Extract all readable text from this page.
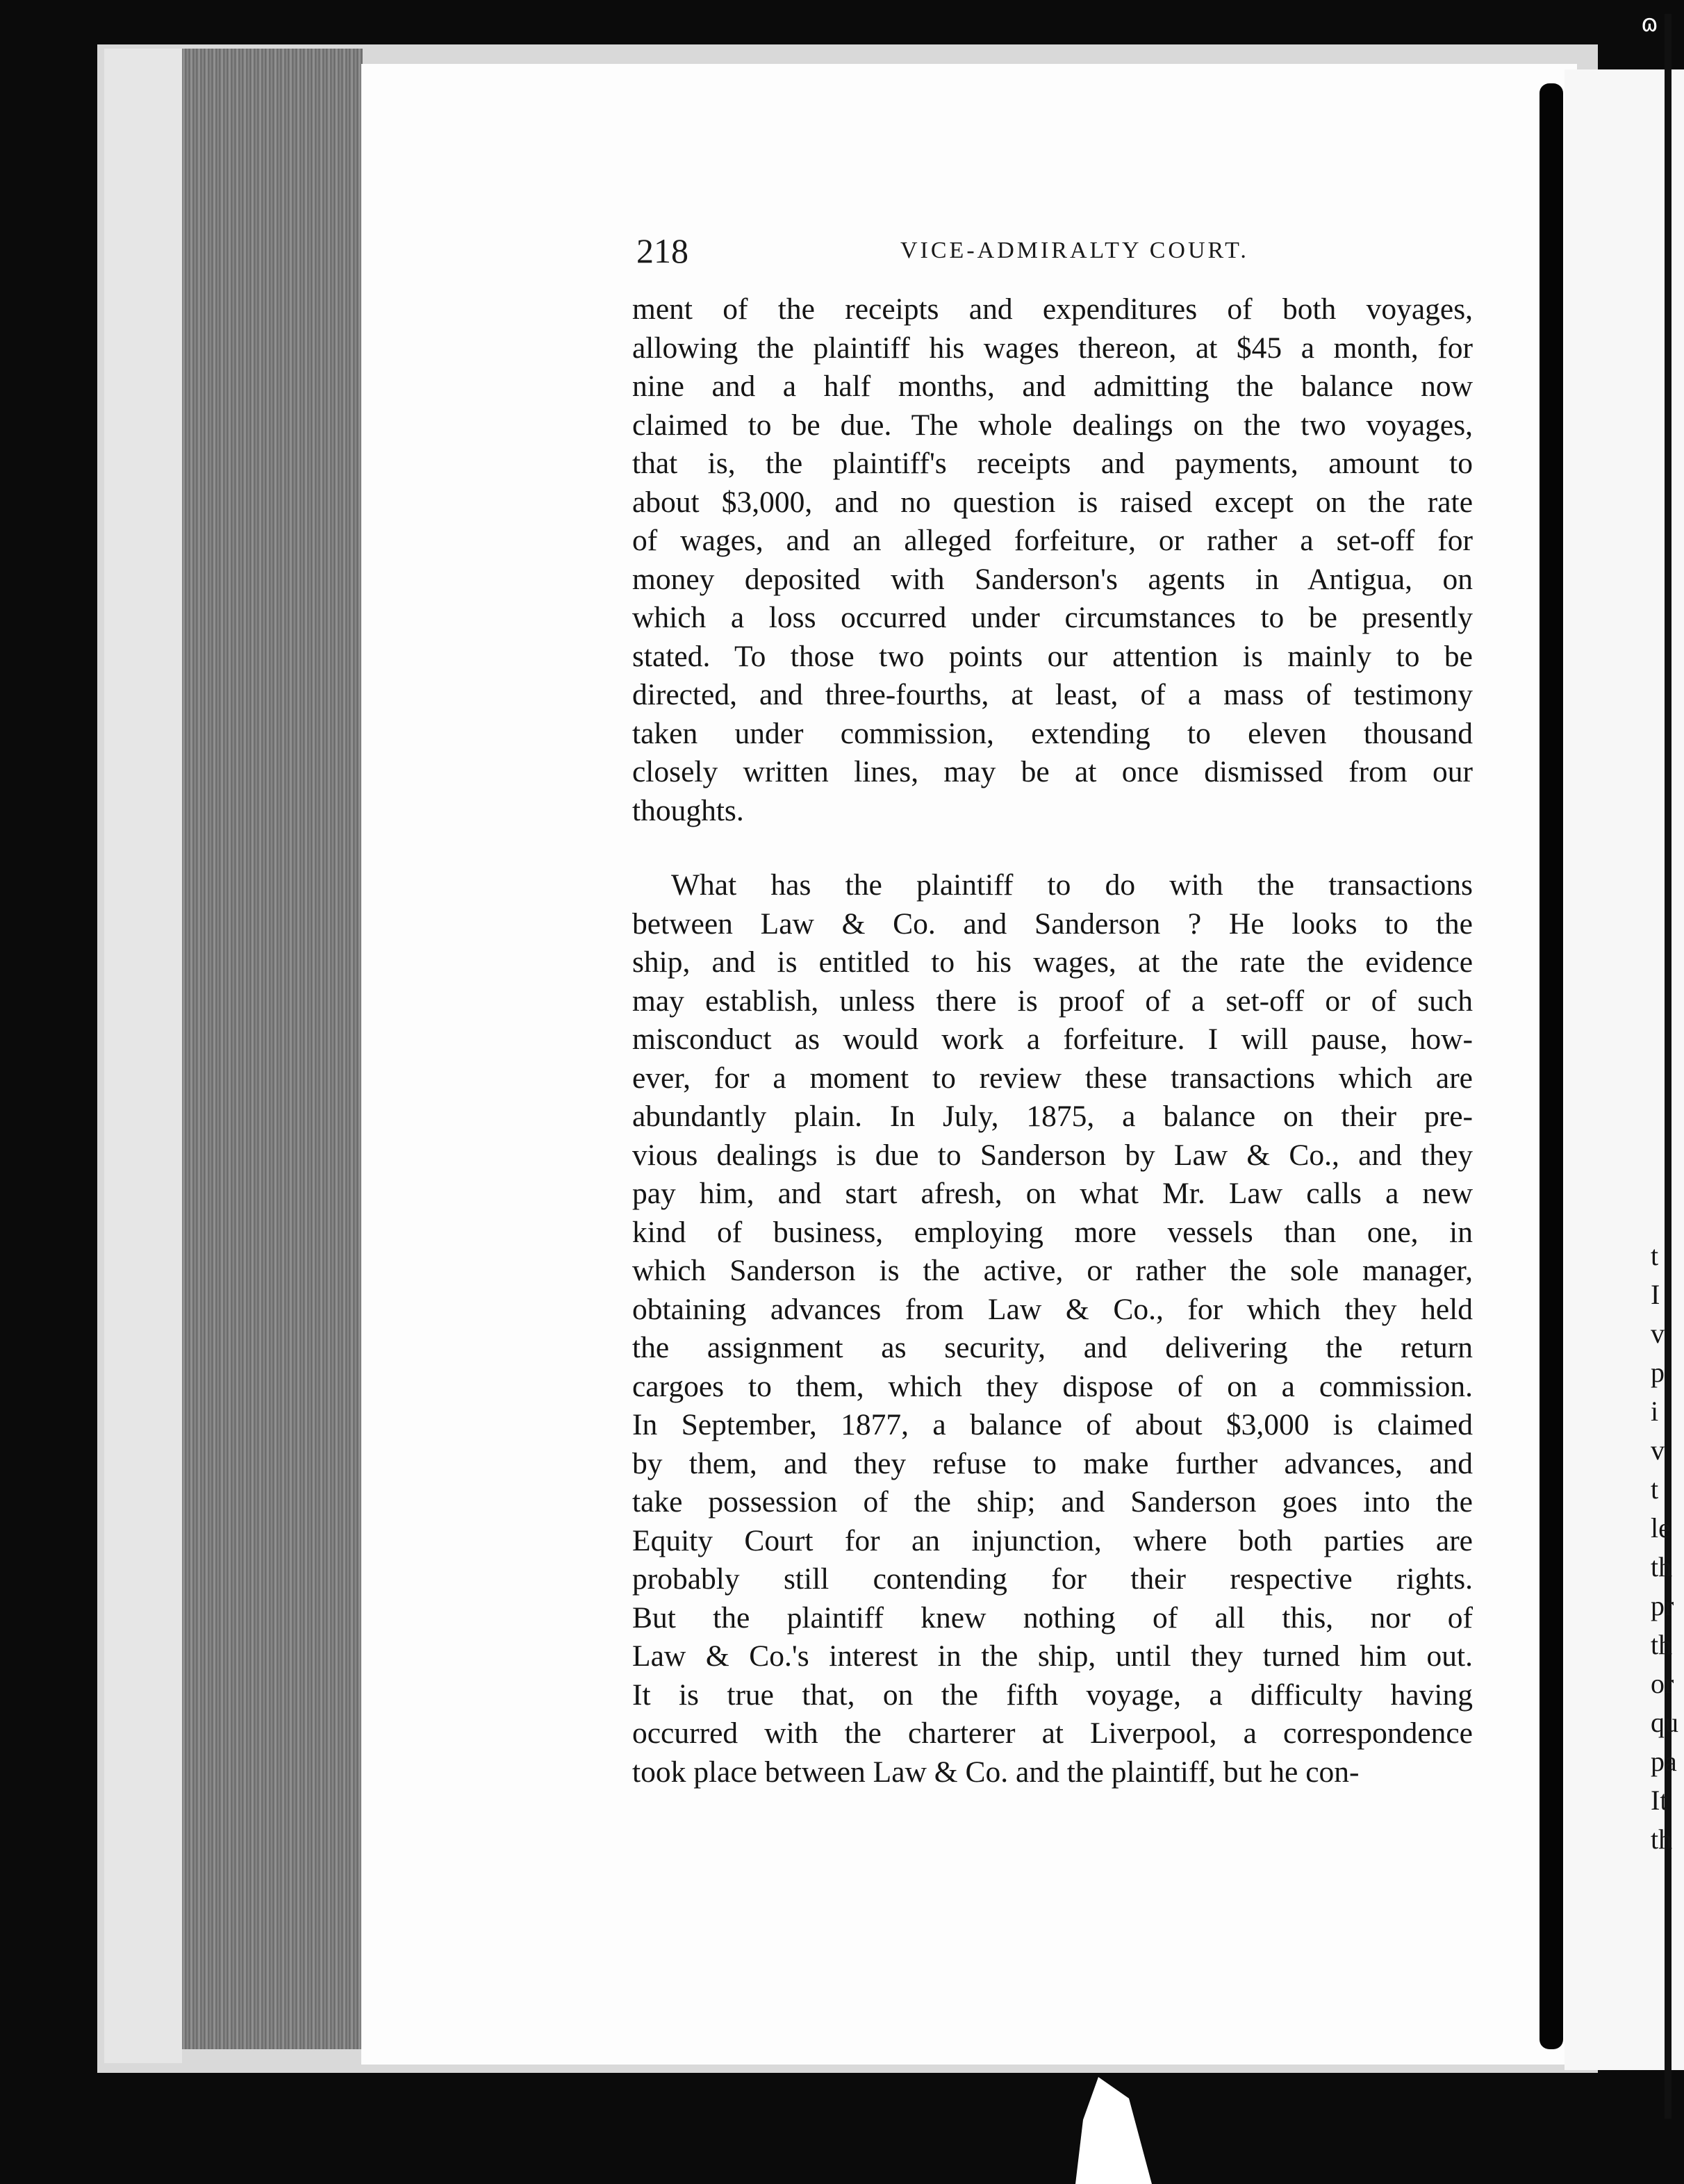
ɷ
218	VICE-ADMIRALTY COURT.
ment of the receipts and expenditures of both voyages,
allowing the plaintiff his wages thereon, at $45 a month, for
nine and a half months, and admitting the balance now
claimed to be due. The whole dealings on the two voyages,
that is, the plaintiff's receipts and payments, amount to
about $3,000, and no question is raised except on the rate
of wages, and an alleged forfeiture, or rather a set-off for
money deposited with Sanderson's agents in Antigua, on
which a loss occurred under circumstances to be presently
stated. To those two points our attention is mainly to be
directed, and three-fourths, at least, of a mass of testimony
taken under commission, extending to eleven thousand
closely written lines, may be at once dismissed from our
thoughts.
What has the plaintiff to do with the transactions
between Law & Co. and Sanderson ? He looks to the
ship, and is entitled to his wages, at the rate the evidence
may establish, unless there is proof of a set-off or of such
misconduct as would work a forfeiture. I will pause, how-
ever, for a moment to review these transactions which are
abundantly plain. In July, 1875, a balance on their pre-
vious dealings is due to Sanderson by Law & Co., and they
pay him, and start afresh, on what Mr. Law calls a new
kind of business, employing more vessels than one, in
which Sanderson is the active, or rather the sole manager,
obtaining advances from Law & Co., for which they held
the assignment as security, and delivering the return
cargoes to them, which they dispose of on a commission.
In September, 1877, a balance of about $3,000 is claimed
by them, and they refuse to make further advances, and
take possession of the ship; and Sanderson goes into the
Equity Court for an injunction, where both parties are
probably still contending for their respective rights.
But the plaintiff knew nothing of all this, nor of
Law & Co.'s interest in the ship, until they turned him out.
It is true that, on the fifth voyage, a difficulty having
occurred with the charterer at Liverpool, a correspondence
took place between Law & Co. and the plaintiff, but he con-
t
I
v
p
i
v
t
le
th
pr
th
or
qu
pa
It
th
